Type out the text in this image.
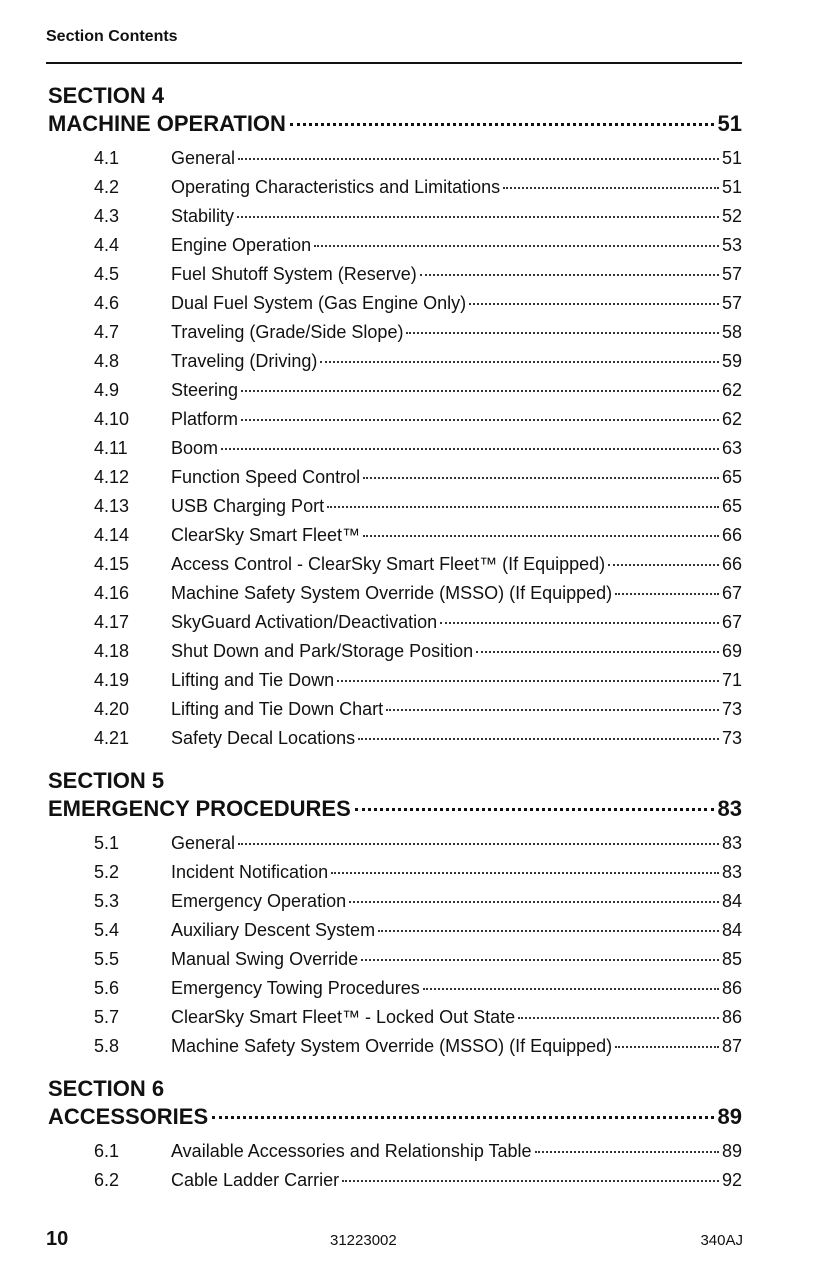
Section Contents
SECTION 4
MACHINE OPERATION	51
4.1	General	51
4.2	Operating Characteristics and Limitations	51
4.3	Stability	52
4.4	Engine Operation	53
4.5	Fuel Shutoff System (Reserve)	57
4.6	Dual Fuel System (Gas Engine Only)	57
4.7	Traveling (Grade/Side Slope)	58
4.8	Traveling (Driving)	59
4.9	Steering	62
4.10	Platform	62
4.11	Boom	63
4.12	Function Speed Control	65
4.13	USB Charging Port	65
4.14	ClearSky Smart Fleet™	66
4.15	Access Control - ClearSky Smart Fleet™ (If Equipped)	66
4.16	Machine Safety System Override (MSSO) (If Equipped)	67
4.17	SkyGuard Activation/Deactivation	67
4.18	Shut Down and Park/Storage Position	69
4.19	Lifting and Tie Down	71
4.20	Lifting and Tie Down Chart	73
4.21	Safety Decal Locations	73
SECTION 5
EMERGENCY PROCEDURES	83
5.1	General	83
5.2	Incident Notification	83
5.3	Emergency Operation	84
5.4	Auxiliary Descent System	84
5.5	Manual Swing Override	85
5.6	Emergency Towing Procedures	86
5.7	ClearSky Smart Fleet™ - Locked Out State	86
5.8	Machine Safety System Override (MSSO) (If Equipped)	87
SECTION 6
ACCESSORIES	89
6.1	Available Accessories and Relationship Table	89
6.2	Cable Ladder Carrier	92
10	31223002	340AJ
